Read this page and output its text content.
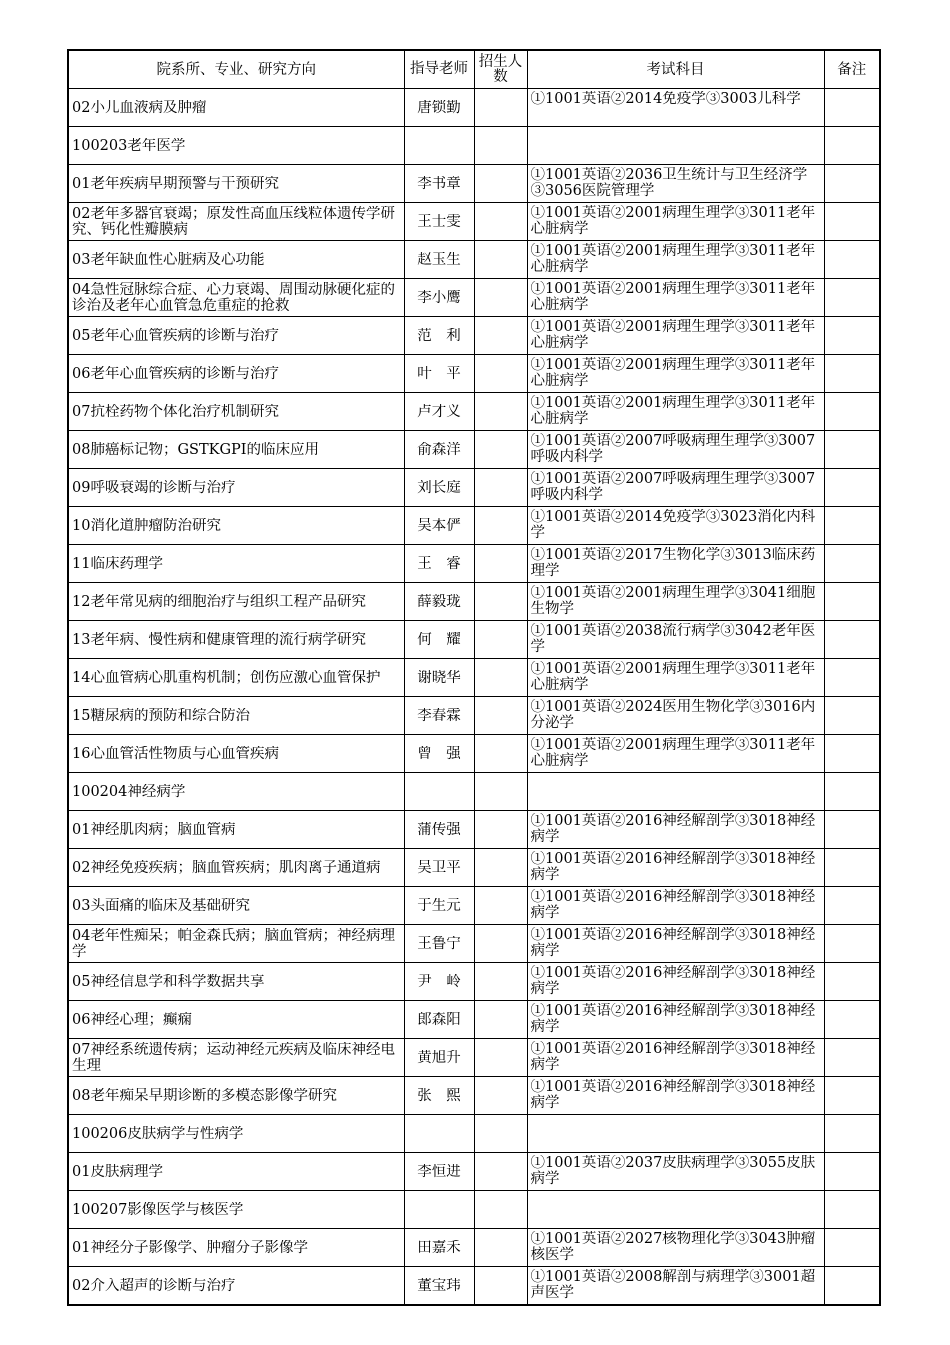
院系所、专业、研究方向	指导老师	招生人数	考试科目	备注

02小儿血液病及肿瘤	唐锁勤		①1001英语②2014免疫学③3003儿科学	

100203老年医学				

01老年疾病早期预警与干预研究	李书章		①1001英语②2036卫生统计与卫生经济学③3056医院管理学	

02老年多器官衰竭；原发性高血压线粒体遗传学研究、钙化性瓣膜病	王士雯		①1001英语②2001病理生理学③3011老年心脏病学	

03老年缺血性心脏病及心功能	赵玉生		①1001英语②2001病理生理学③3011老年心脏病学	

04急性冠脉综合症、心力衰竭、周围动脉硬化症的诊治及老年心血管急危重症的抢救	李小鹰		①1001英语②2001病理生理学③3011老年心脏病学	

05老年心血管疾病的诊断与治疗	范　利		①1001英语②2001病理生理学③3011老年心脏病学	

06老年心血管疾病的诊断与治疗	叶　平		①1001英语②2001病理生理学③3011老年心脏病学	

07抗栓药物个体化治疗机制研究	卢才义		①1001英语②2001病理生理学③3011老年心脏病学	

08肺癌标记物；GSTKGPI的临床应用	俞森洋		①1001英语②2007呼吸病理生理学③3007呼吸内科学	

09呼吸衰竭的诊断与治疗	刘长庭		①1001英语②2007呼吸病理生理学③3007呼吸内科学	

10消化道肿瘤防治研究	吴本俨		①1001英语②2014免疫学③3023消化内科学	

11临床药理学	王　睿		①1001英语②2017生物化学③3013临床药理学	

12老年常见病的细胞治疗与组织工程产品研究	薛毅珑		①1001英语②2001病理生理学③3041细胞生物学	

13老年病、慢性病和健康管理的流行病学研究	何　耀		①1001英语②2038流行病学③3042老年医学	

14心血管病心肌重构机制；创伤应激心血管保护	谢晓华		①1001英语②2001病理生理学③3011老年心脏病学	

15糖尿病的预防和综合防治	李春霖		①1001英语②2024医用生物化学③3016内分泌学	

16心血管活性物质与心血管疾病	曾　强		①1001英语②2001病理生理学③3011老年心脏病学	

100204神经病学				

01神经肌肉病；脑血管病	蒲传强		①1001英语②2016神经解剖学③3018神经病学	

02神经免疫疾病；脑血管疾病；肌肉离子通道病	吴卫平		①1001英语②2016神经解剖学③3018神经病学	

03头面痛的临床及基础研究	于生元		①1001英语②2016神经解剖学③3018神经病学	

04老年性痴呆；帕金森氏病；脑血管病；神经病理学	王鲁宁		①1001英语②2016神经解剖学③3018神经病学	

05神经信息学和科学数据共享	尹　岭		①1001英语②2016神经解剖学③3018神经病学	

06神经心理；癫痫	郎森阳		①1001英语②2016神经解剖学③3018神经病学	

07神经系统遗传病；运动神经元疾病及临床神经电生理	黄旭升		①1001英语②2016神经解剖学③3018神经病学	

08老年痴呆早期诊断的多模态影像学研究	张　熙		①1001英语②2016神经解剖学③3018神经病学	

100206皮肤病学与性病学				

01皮肤病理学	李恒进		①1001英语②2037皮肤病理学③3055皮肤病学	

100207影像医学与核医学				

01神经分子影像学、肿瘤分子影像学	田嘉禾		①1001英语②2027核物理化学③3043肿瘤核医学	

02介入超声的诊断与治疗	董宝玮		①1001英语②2008解剖与病理学③3001超声医学	
